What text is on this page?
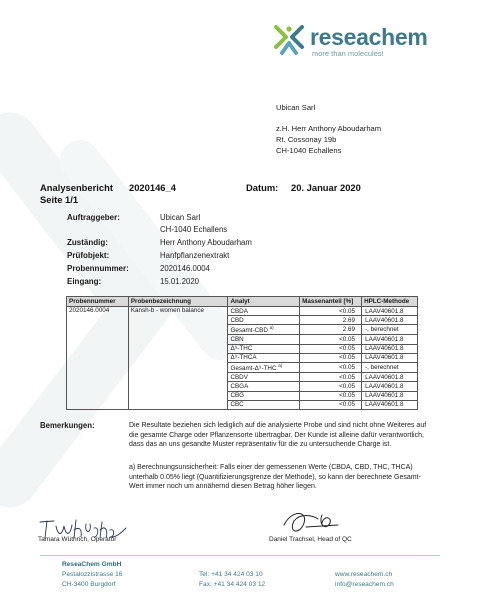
reseachem
more than molecules!
Ubican Sarl
z.H. Herr Anthony Aboudarham
Rt. Cossonay 19b
CH-1040 Echallens
Analysenbericht 2020146_4
Seite 1/1
Datum: 20. Januar 2020
Auftraggeber:	Ubican Sarl
CH-1040 Echallens
Zuständig:	Herr Anthony Aboudarham
Prüfobjekt:	Hanfpflanzenextrakt
Probennummer:	2020146.0004
Eingang:	15.01.2020
Probennummer	Probenbezeichnung	Analyt	Massenanteil [%]	HPLC-Methode
2020146.0004	Kansh-b - women balance	CBDA	<0.05	LAAV40601.8
		CBD	2.69	LAAV40601.8
		Gesamt-CBD $^{a)}$	2.69	-, berechnet
		CBN	<0.05	LAAV40601.8
		Δ⁹-THC	<0.05	LAAV40601.8
		Δ⁹-THCA	<0.05	LAAV40601.8
		Gesamt-Δ⁹-THC $^{a)}$	<0.05	-, berechnet
		CBDV	<0.05	LAAV40601.8
		CBGA	<0.05	LAAV40601.8
		CBG	<0.05	LAAV40601.8
		CBC	<0.05	LAAV40601.8
Bemerkungen:	Die Resultate beziehen sich lediglich auf die analysierte Probe und sind nicht ohne Weiteres auf die gesamte Charge oder Pflanzensorte übertragbar. Der Kunde ist alleine dafür verantwortlich, dass das an uns gesandte Muster repräsentativ für die zu untersuchende Charge ist.
a) Berechnungsunsicherheit: Falls einer der gemessenen Werte (CBDA, CBD, THC, THCA) unterhalb 0.05% liegt (Quantifizierungsgrenze der Methode), so kann der berechnete Gesamt-Wert immer noch um annähernd diesen Betrag höher liegen.
Tamara Wüthrich, Operator	Daniel Trachsel, Head of QC
ReseaChem GmbH
Pestalozzistrasse 16
CH-3400 Burgdorf
Tel: +41 34 424 03 10
Fax: +41 34 424 03 12
www.reseachem.ch
info@reseachem.ch
